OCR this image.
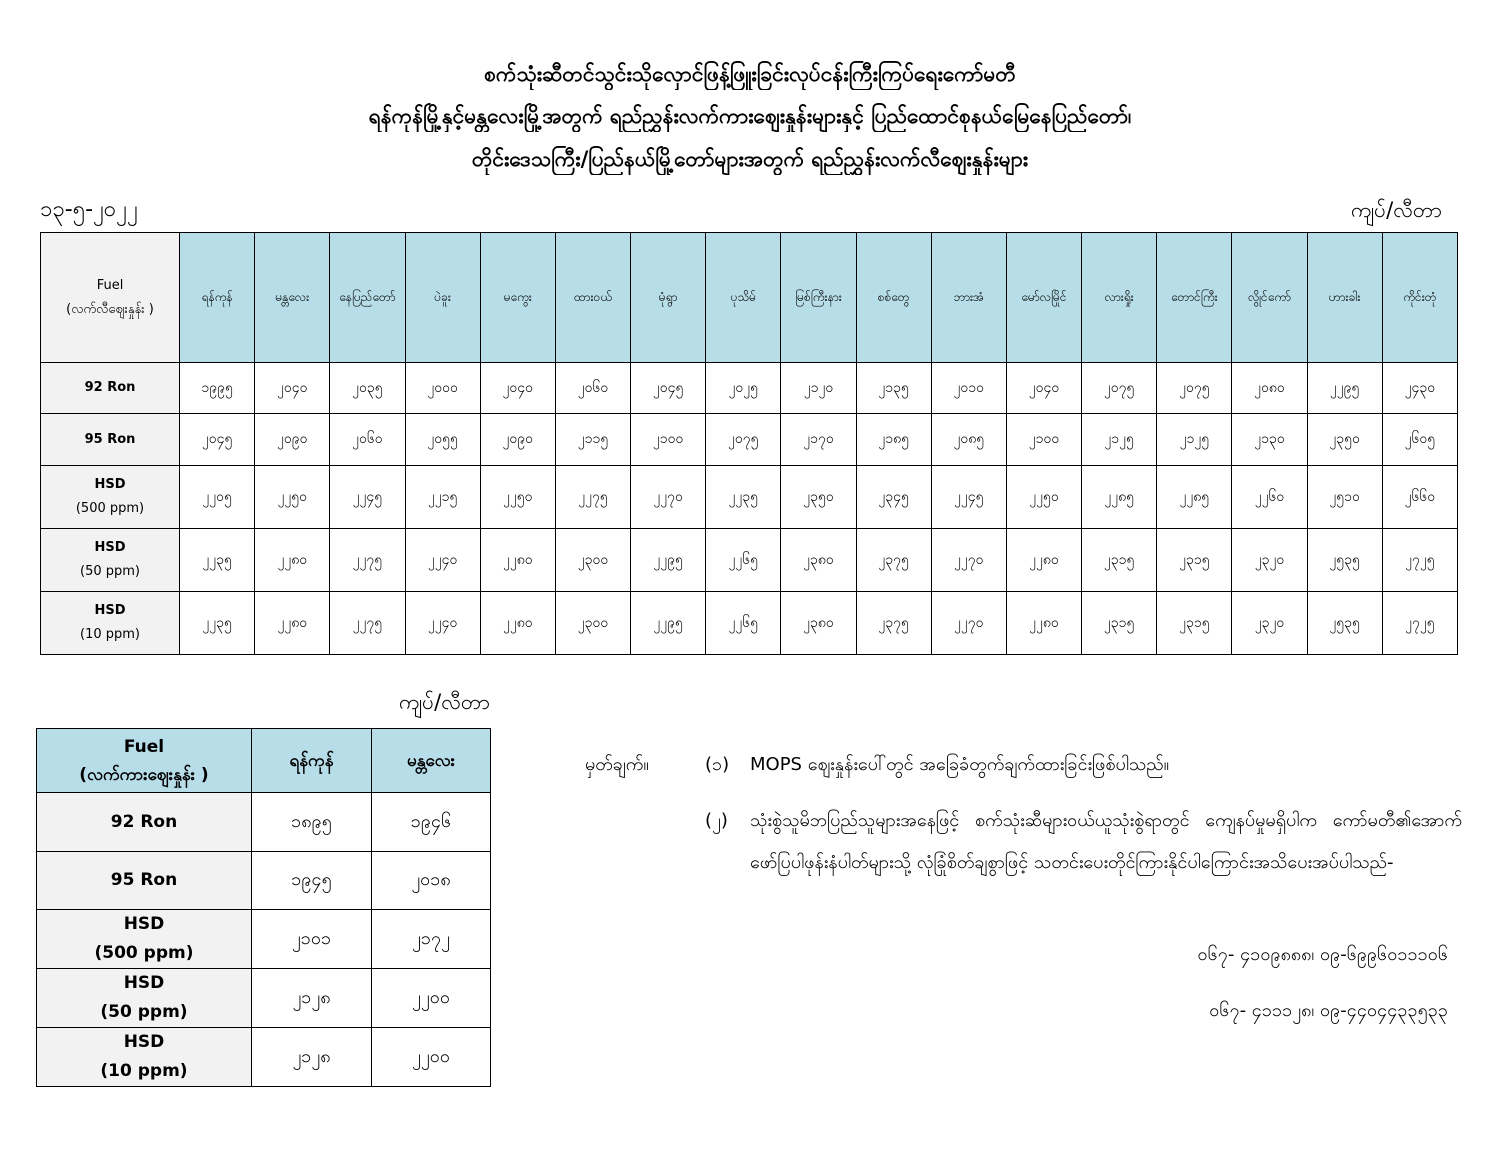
စက်သုံးဆီတင်သွင်းသိုလှောင်ဖြန့်ဖြူးခြင်းလုပ်ငန်းကြီးကြပ်ရေးကော်မတီ
ရန်ကုန်မြို့နှင့်မန္တလေးမြို့အတွက် ရည်ညွှန်းလက်ကားဈေးနှုန်းများနှင့် ပြည်ထောင်စုနယ်မြေနေပြည်တော်၊
တိုင်းဒေသကြီး/ပြည်နယ်မြို့တော်များအတွက် ရည်ညွှန်းလက်လီဈေးနှုန်းများ
၁၃-၅-၂၀၂၂	ကျပ်/လီတာ
Fuel
(လက်လီဈေးနှုန်း )	ရန်ကုန်	မန္တလေး	နေပြည်တော်	ပဲခူး	မကွေး	ထားဝယ်	မုံရွာ	ပုသိမ်	မြစ်ကြီးနား	စစ်တွေ	ဘားအံ	မော်လမြိုင်	လားရှိုး	တောင်ကြီး	လွိုင်ကော်	ဟားခါး	ကိုင်းတုံ

92 Ron	၁၉၉၅	၂၀၄၀	၂၀၃၅	၂၀၀၀	၂၀၄၀	၂၀၆၀	၂၀၄၅	၂၀၂၅	၂၁၂၀	၂၁၃၅	၂၀၁၀	၂၀၄၀	၂၀၇၅	၂၀၇၅	၂၀၈၀	၂၂၉၅	၂၄၃၀

95 Ron	၂၀၄၅	၂၀၉၀	၂၀၆၀	၂၀၅၅	၂၀၉၀	၂၁၁၅	၂၁၀၀	၂၀၇၅	၂၁၇၀	၂၁၈၅	၂၀၈၅	၂၁၀၀	၂၁၂၅	၂၁၂၅	၂၁၃၀	၂၃၅၀	၂၆၀၅

HSD
(500 ppm)	၂၂၀၅	၂၂၅၀	၂၂၄၅	၂၂၁၅	၂၂၅၀	၂၂၇၅	၂၂၇၀	၂၂၃၅	၂၃၅၀	၂၃၄၅	၂၂၄၅	၂၂၅၀	၂၂၈၅	၂၂၈၅	၂၂၆၀	၂၅၁၀	၂၆၆၀

HSD
(50 ppm)	၂၂၃၅	၂၂၈၀	၂၂၇၅	၂၂၄၀	၂၂၈၀	၂၃၀၀	၂၂၉၅	၂၂၆၅	၂၃၈၀	၂၃၇၅	၂၂၇၀	၂၂၈၀	၂၃၁၅	၂၃၁၅	၂၃၂၀	၂၅၃၅	၂၇၂၅

HSD
(10 ppm)	၂၂၃၅	၂၂၈၀	၂၂၇၅	၂၂၄၀	၂၂၈၀	၂၃၀၀	၂၂၉၅	၂၂၆၅	၂၃၈၀	၂၃၇၅	၂၂၇၀	၂၂၈၀	၂၃၁၅	၂၃၁၅	၂၃၂၀	၂၅၃၅	၂၇၂၅
ကျပ်/လီတာ
Fuel
(လက်ကားဈေးနှုန်း )	ရန်ကုန်	မန္တလေး

92 Ron	၁၈၉၅	၁၉၄၆

95 Ron	၁၉၄၅	၂၀၁၈

HSD
(500 ppm)	၂၁၀၁	၂၁၇၂

HSD
(50 ppm)	၂၁၂၈	၂၂၀၀

HSD
(10 ppm)	၂၁၂၈	၂၂၀၀
မှတ်ချက်။	(၁) MOPS ဈေးနှုန်းပေါ်တွင် အခြေခံတွက်ချက်ထားခြင်းဖြစ်ပါသည်။
(၂) သုံးစွဲသူမိဘပြည်သူများအနေဖြင့် စက်သုံးဆီများဝယ်ယူသုံးစွဲရာတွင် ကျေနပ်မှုမရှိပါက ကော်မတီ၏အောက်ဖော်ပြပါဖုန်းနံပါတ်များသို့ လုံခြုံစိတ်ချစွာဖြင့် သတင်းပေးတိုင်ကြားနိုင်ပါကြောင်းအသိပေးအပ်ပါသည်-
၀၆၇- ၄၁၀၉၈၈၈၊ ၀၉-၆၉၉၆၀၁၁၁၀၆
၀၆၇- ၄၁၁၁၂၈၊ ၀၉-၄၄၀၄၄၃၃၅၃၃
